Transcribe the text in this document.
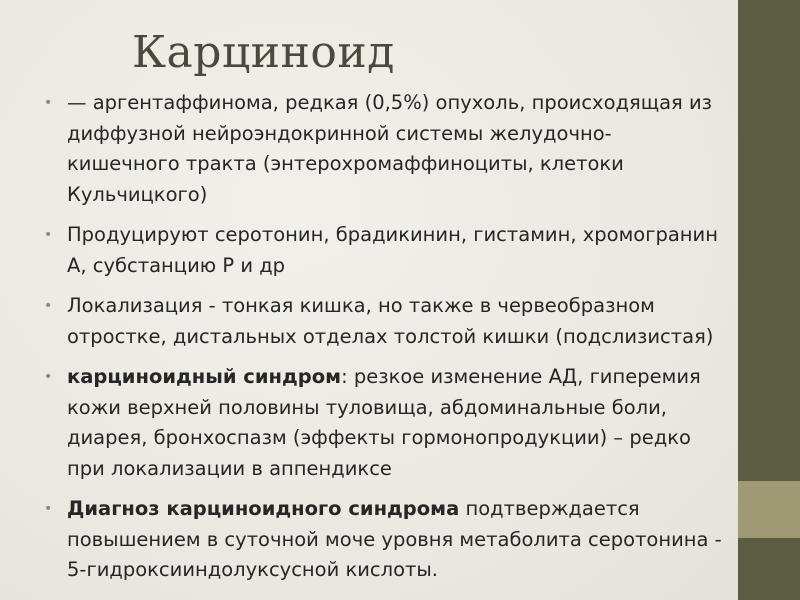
Карциноид
• — аргентаффинома, редкая (0,5%) опухоль, происходящая из диффузной нейроэндокринной системы желудочно-кишечного тракта (энтерохромаффиноциты, клетоки Кульчицкого)
• Продуцируют серотонин, брадикинин, гистамин, хромогранин А, субстанцию Р и др
• Локализация - тонкая кишка, но также в червеобразном отростке, дистальных отделах толстой кишки (подслизистая)
• карциноидный синдром: резкое изменение АД, гиперемия кожи верхней половины туловища, абдоминальные боли, диарея, бронхоспазм (эффекты гормонопродукции) – редко при локализации в аппендиксе
• Диагноз карциноидного синдрома подтверждается повышением в суточной моче уровня метаболита серотонина - 5-гидроксииндолуксусной кислоты.
